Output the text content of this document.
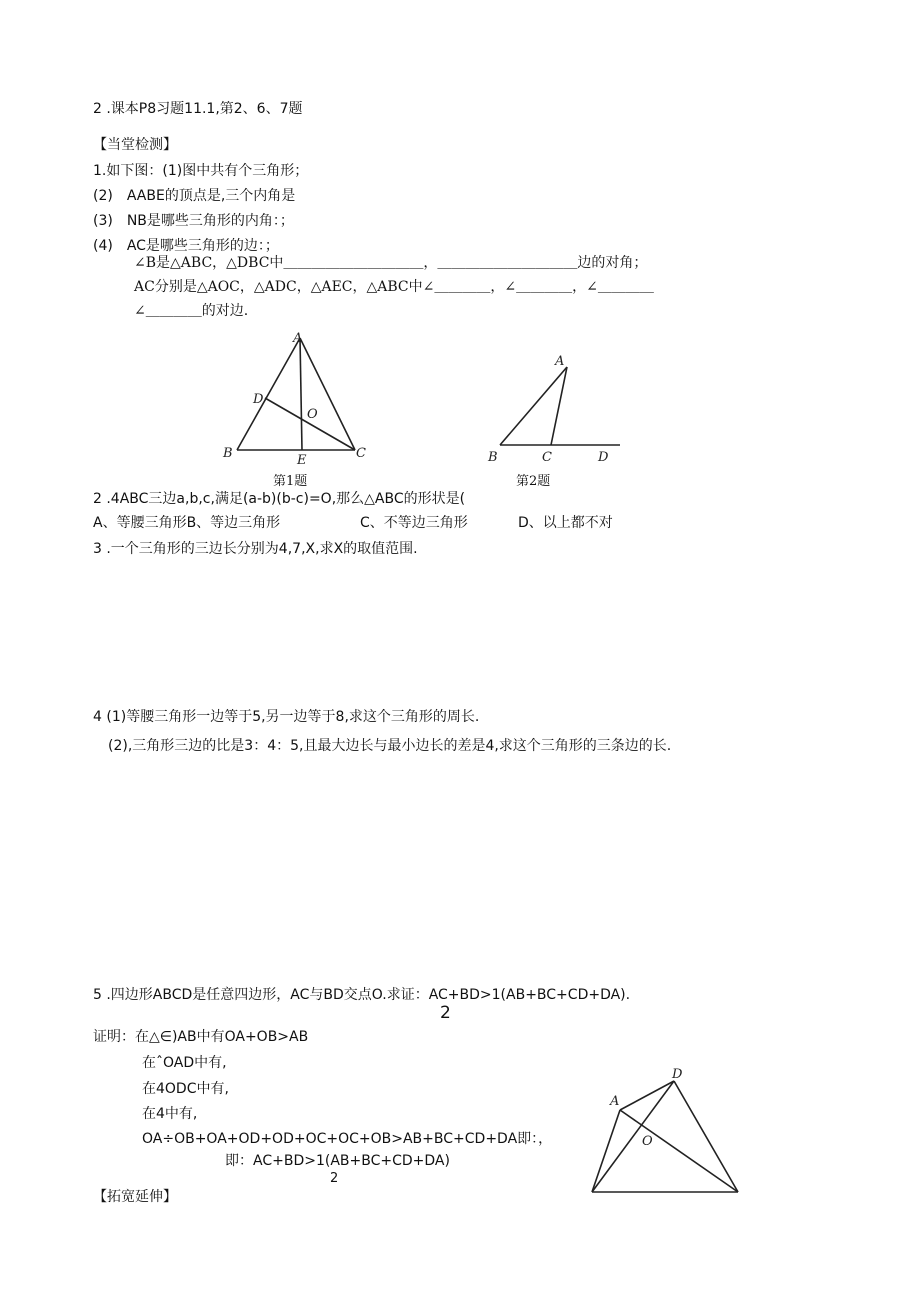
2 .课本P8习题11.1,第2、6、7题
【当堂检测】
1.如下图：(1)图中共有个三角形；
(2)　AABE的顶点是,三个内角是
(3)　NB是哪些三角形的内角：；
(4)　AC是哪些三角形的边：；
∠B是△ABC，△DBC中＿＿＿＿＿＿＿＿＿＿，＿＿＿＿＿＿＿＿＿＿边的对角；
AC分别是△AOC，△ADC，△AEC，△ABC中∠＿＿＿＿，∠＿＿＿＿，∠＿＿＿＿
∠＿＿＿＿的对边.
A
D
O
B	C
E
第1题
A
B	C	D
第2题
2 .4ABC三边a,b,c,满足(a-b)(b-c)=O,那么△ABC的形状是(
A、等腰三角形B、等边三角形	C、不等边三角形	D、以上都不对
3 .一个三角形的三边长分别为4,7,X,求X的取值范围.
4 (1)等腰三角形一边等于5,另一边等于8,求这个三角形的周长.
(2),三角形三边的比是3：4：5,且最大边长与最小边长的差是4,求这个三角形的三条边的长.
5 .四边形ABCD是任意四边形，AC与BD交点O.求证：AC+BD>1(AB+BC+CD+DA).
2
证明：在△∈)AB中有OA+OB>AB
在ˆOAD中有,
在4ODC中有,
在4中有,
OA÷OB+OA+OD+OD+OC+OC+OB>AB+BC+CD+DA即：，
即：AC+BD>1(AB+BC+CD+DA)
2
A
D
O
【拓宽延伸】
